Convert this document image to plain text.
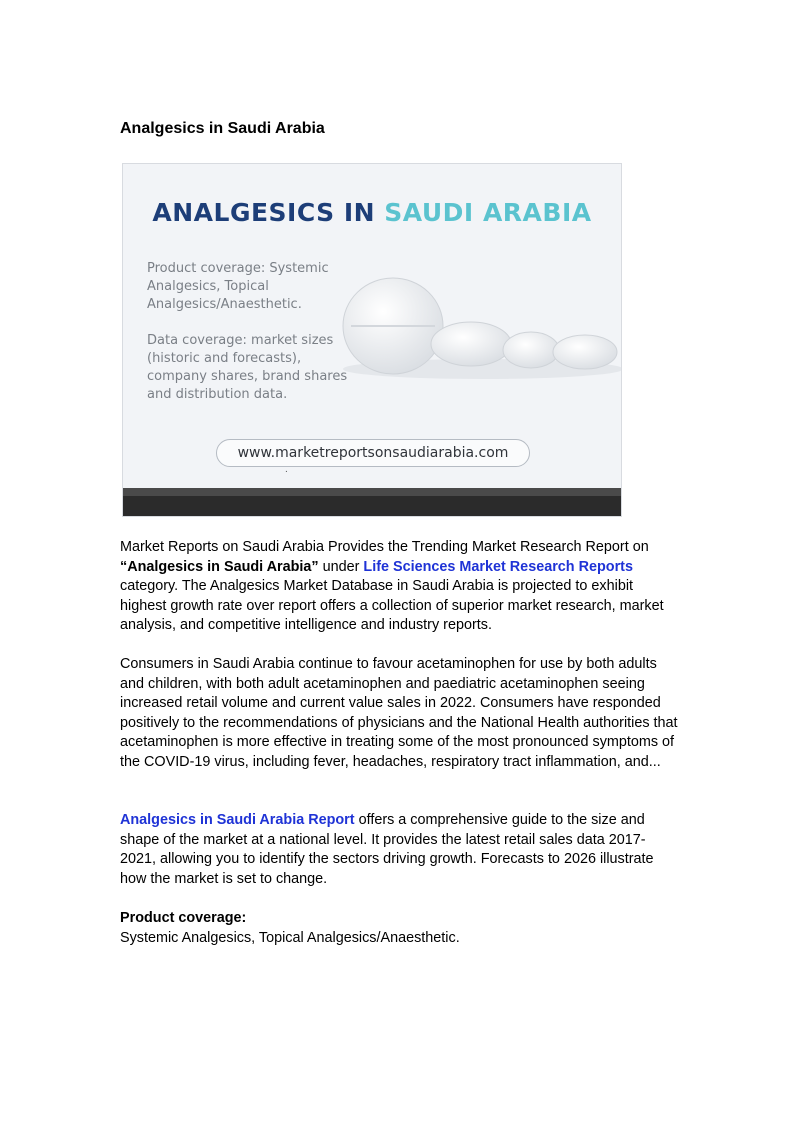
Analgesics in Saudi Arabia
ANALGESICS IN SAUDI ARABIA
Product coverage: Systemic Analgesics, Topical Analgesics/Anaesthetic.
Data coverage: market sizes (historic and forecasts), company shares, brand shares and distribution data.
www.marketreportsonsaudiarabia.com
.

Market Reports on Saudi Arabia Provides the Trending Market Research Report on “Analgesics in Saudi Arabia” under Life Sciences Market Research Reports category. The Analgesics Market Database in Saudi Arabia is projected to exhibit highest growth rate over report offers a collection of superior market research, market analysis, and competitive intelligence and industry reports.

Consumers in Saudi Arabia continue to favour acetaminophen for use by both adults and children, with both adult acetaminophen and paediatric acetaminophen seeing increased retail volume and current value sales in 2022. Consumers have responded positively to the recommendations of physicians and the National Health authorities that acetaminophen is more effective in treating some of the most pronounced symptoms of the COVID-19 virus, including fever, headaches, respiratory tract inflammation, and...

Analgesics in Saudi Arabia Report offers a comprehensive guide to the size and shape of the market at a national level. It provides the latest retail sales data 2017-2021, allowing you to identify the sectors driving growth. Forecasts to 2026 illustrate how the market is set to change.

Product coverage:
Systemic Analgesics, Topical Analgesics/Anaesthetic.
